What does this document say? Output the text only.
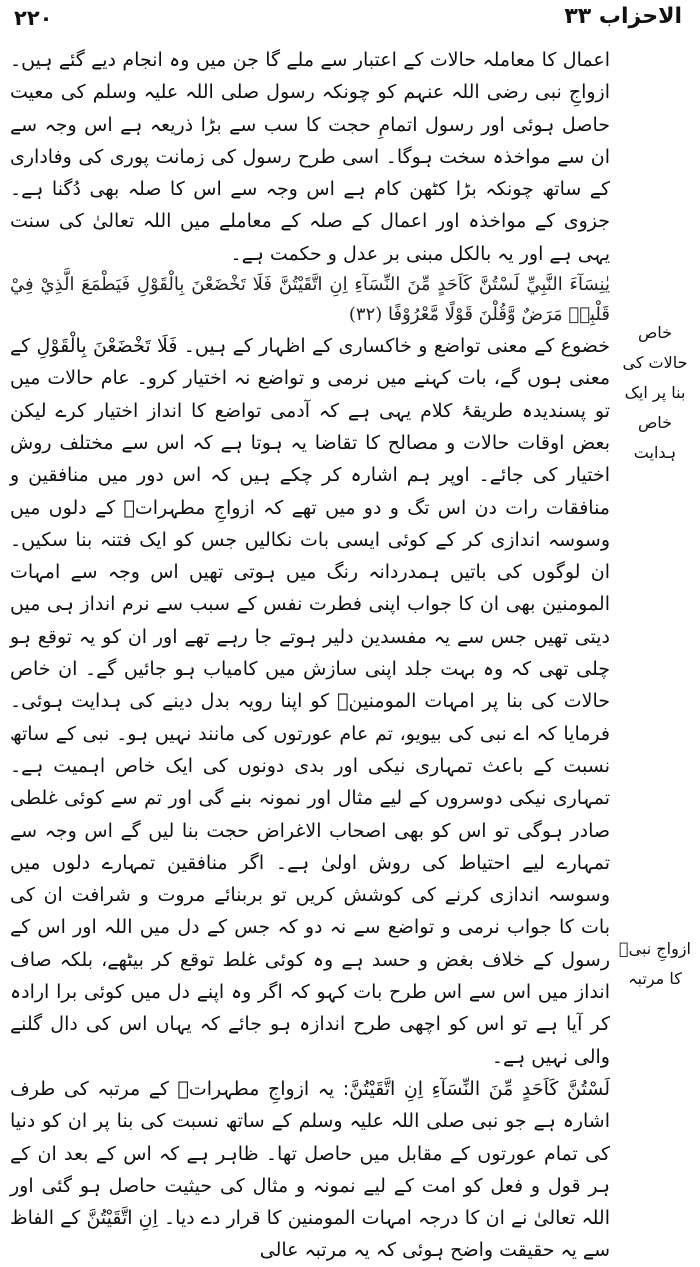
۲۲۰	الاحزاب ۳۳

اعمال کا معاملہ حالات کے اعتبار سے ملے گا جن میں وہ انجام دیے گئے ہیں۔ ازواجِ نبی رضی اللہ عنہم کو چونکہ رسول صلی اللہ علیہ وسلم کی معیت حاصل ہوئی اور رسول اتمامِ حجت کا سب سے بڑا ذریعہ ہے اس وجہ سے ان سے مواخذہ سخت ہوگا۔ اسی طرح رسول کی زمانت پوری کی وفاداری کے ساتھ چونکہ بڑا کٹھن کام ہے اس وجہ سے اس کا صلہ بھی دُگنا ہے۔ جزوی کے مواخذہ اور اعمال کے صلہ کے معاملے میں اللہ تعالیٰ کی سنت یہی ہے اور یہ بالکل مبنی بر عدل و حکمت ہے۔

يٰنِسَآءَ النَّبِيِّ لَسْتُنَّ كَاَحَدٍ مِّنَ النِّسَآءِ اِنِ اتَّقَيْتُنَّ فَلَا تَخْضَعْنَ بِالْقَوْلِ فَيَطْمَعَ الَّذِيْ فِيْ قَلْبِهٖ مَرَضٌ وَّقُلْنَ قَوْلًا مَّعْرُوْفًا (۳۲)

خضوع کے معنی تواضع و خاکساری کے اظہار کے ہیں۔ فَلَا تَخْضَعْنَ بِالْقَوْلِ کے معنی ہوں گے، بات کہنے میں نرمی و تواضع نہ اختیار کرو۔ عام حالات میں تو پسندیدہ طریقۂ کلام یہی ہے کہ آدمی تواضع کا انداز اختیار کرے لیکن بعض اوقات حالات و مصالح کا تقاضا یہ ہوتا ہے کہ اس سے مختلف روش اختیار کی جائے۔ اوپر ہم اشارہ کر چکے ہیں کہ اس دور میں منافقین و منافقات رات دن اس تگ و دو میں تھے کہ ازواجِ مطہراتؓ کے دلوں میں وسوسہ اندازی کر کے کوئی ایسی بات نکالیں جس کو ایک فتنہ بنا سکیں۔ ان لوگوں کی باتیں ہمدردانہ رنگ میں ہوتی تھیں اس وجہ سے امہات المومنین بھی ان کا جواب اپنی فطرت نفس کے سبب سے نرم انداز ہی میں دیتی تھیں جس سے یہ مفسدین دلیر ہوتے جا رہے تھے اور ان کو یہ توقع ہو چلی تھی کہ وہ بہت جلد اپنی سازش میں کامیاب ہو جائیں گے۔ ان خاص حالات کی بنا پر امہات المومنینؓ کو اپنا رویہ بدل دینے کی ہدایت ہوئی۔ فرمایا کہ اے نبی کی بیویو، تم عام عورتوں کی مانند نہیں ہو۔ نبی کے ساتھ نسبت کے باعث تمہاری نیکی اور بدی دونوں کی ایک خاص اہمیت ہے۔ تمہاری نیکی دوسروں کے لیے مثال اور نمونہ بنے گی اور تم سے کوئی غلطی صادر ہوگی تو اس کو بھی اصحاب الاغراض حجت بنا لیں گے اس وجہ سے تمہارے لیے احتیاط کی روش اولیٰ ہے۔ اگر منافقین تمہارے دلوں میں وسوسہ اندازی کرنے کی کوشش کریں تو بربنائے مروت و شرافت ان کی بات کا جواب نرمی و تواضع سے نہ دو کہ جس کے دل میں اللہ اور اس کے رسول کے خلاف بغض و حسد ہے وہ کوئی غلط توقع کر بیٹھے، بلکہ صاف انداز میں اس سے اس طرح بات کہو کہ اگر وہ اپنے دل میں کوئی برا ارادہ کر آیا ہے تو اس کو اچھی طرح اندازہ ہو جائے کہ یہاں اس کی دال گلنے والی نہیں ہے۔

لَسْتُنَّ كَاَحَدٍ مِّنَ النِّسَآءِ اِنِ اتَّقَيْتُنَّ: یہ ازواجِ مطہراتؓ کے مرتبہ کی طرف اشارہ ہے جو نبی صلی اللہ علیہ وسلم کے ساتھ نسبت کی بنا پر ان کو دنیا کی تمام عورتوں کے مقابل میں حاصل تھا۔ ظاہر ہے کہ اس کے بعد ان کے ہر قول و فعل کو امت کے لیے نمونہ و مثال کی حیثیت حاصل ہو گئی اور اللہ تعالیٰ نے ان کا درجہ امہات المومنین کا قرار دے دیا۔ اِنِ اتَّقَيْتُنَّ کے الفاظ سے یہ حقیقت واضح ہوئی کہ یہ مرتبہ عالی

خاص حالات کی بنا پر ایک خاص ہدایت
ازواجِ نبیؐ کا مرتبہ
